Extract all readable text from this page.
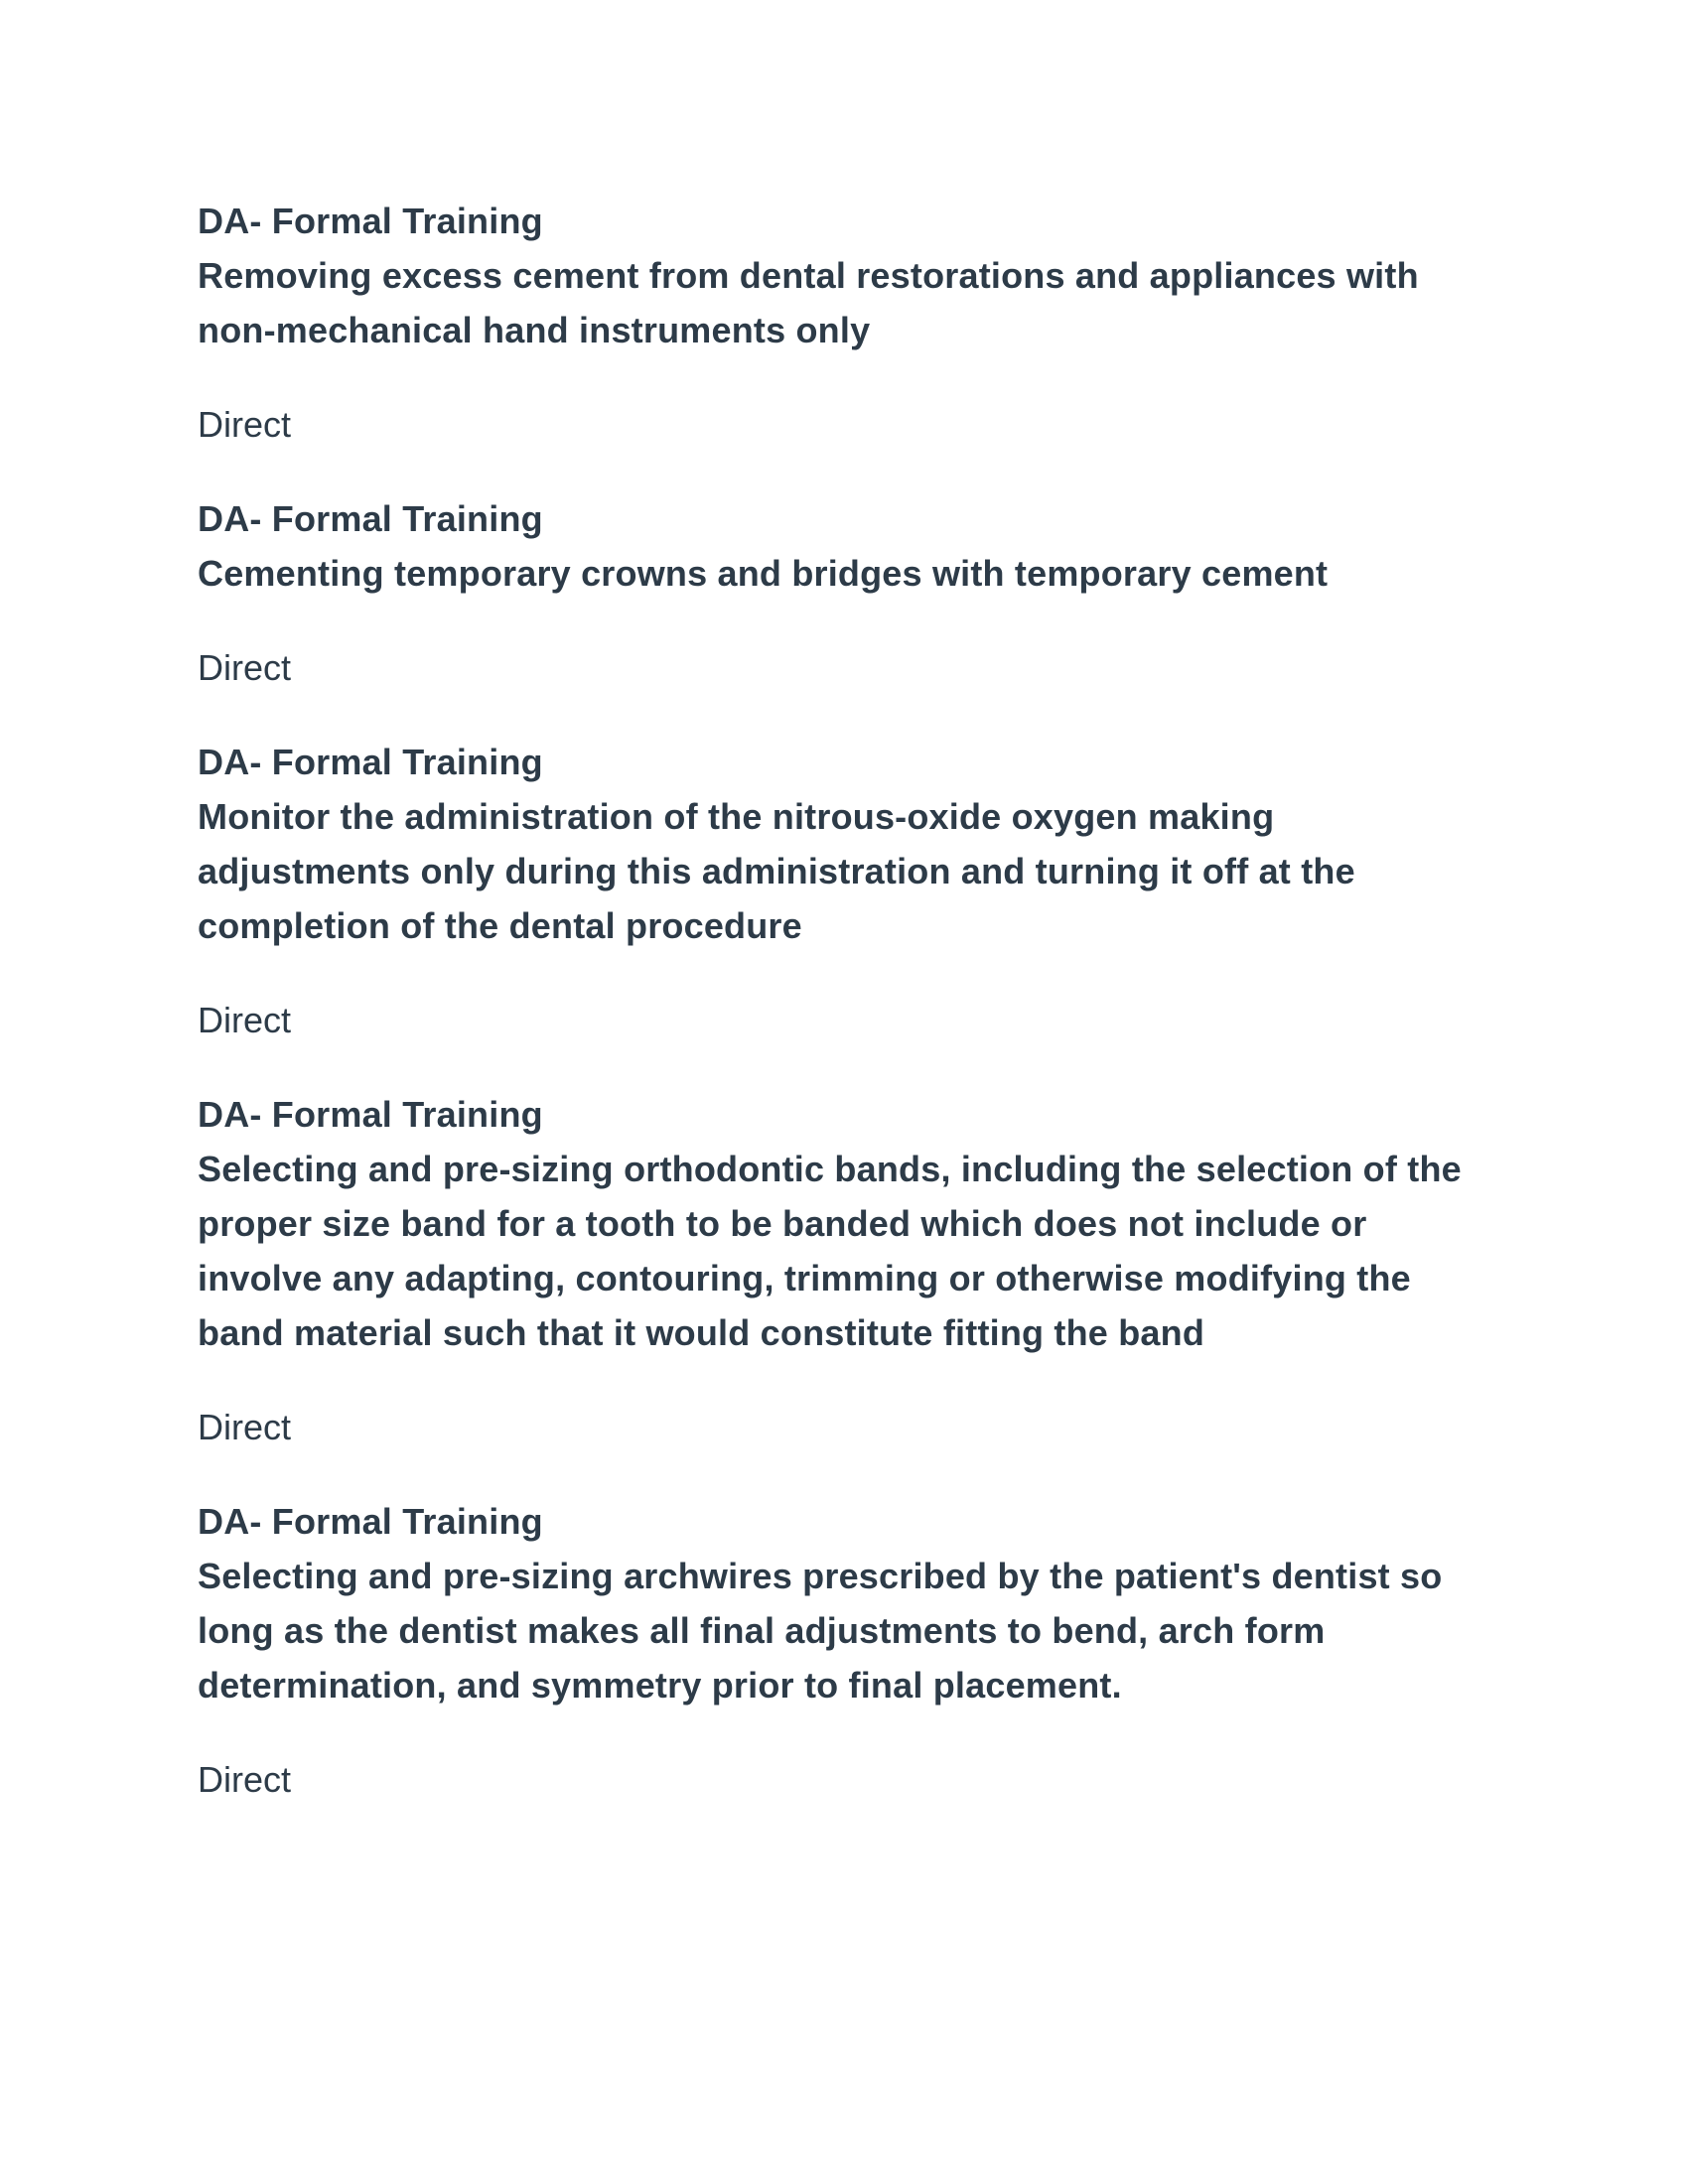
DA- Formal Training
Removing excess cement from dental restorations and appliances with non-mechanical hand instruments only

Direct

DA- Formal Training
Cementing temporary crowns and bridges with temporary cement

Direct

DA- Formal Training
Monitor the administration of the nitrous-oxide oxygen making adjustments only during this administration and turning it off at the completion of the dental procedure

Direct

DA- Formal Training
Selecting and pre-sizing orthodontic bands, including the selection of the proper size band for a tooth to be banded which does not include or involve any adapting, contouring, trimming or otherwise modifying the band material such that it would constitute fitting the band

Direct

DA- Formal Training
Selecting and pre-sizing archwires prescribed by the patient's dentist so long as the dentist makes all final adjustments to bend, arch form determination, and symmetry prior to final placement.

Direct
